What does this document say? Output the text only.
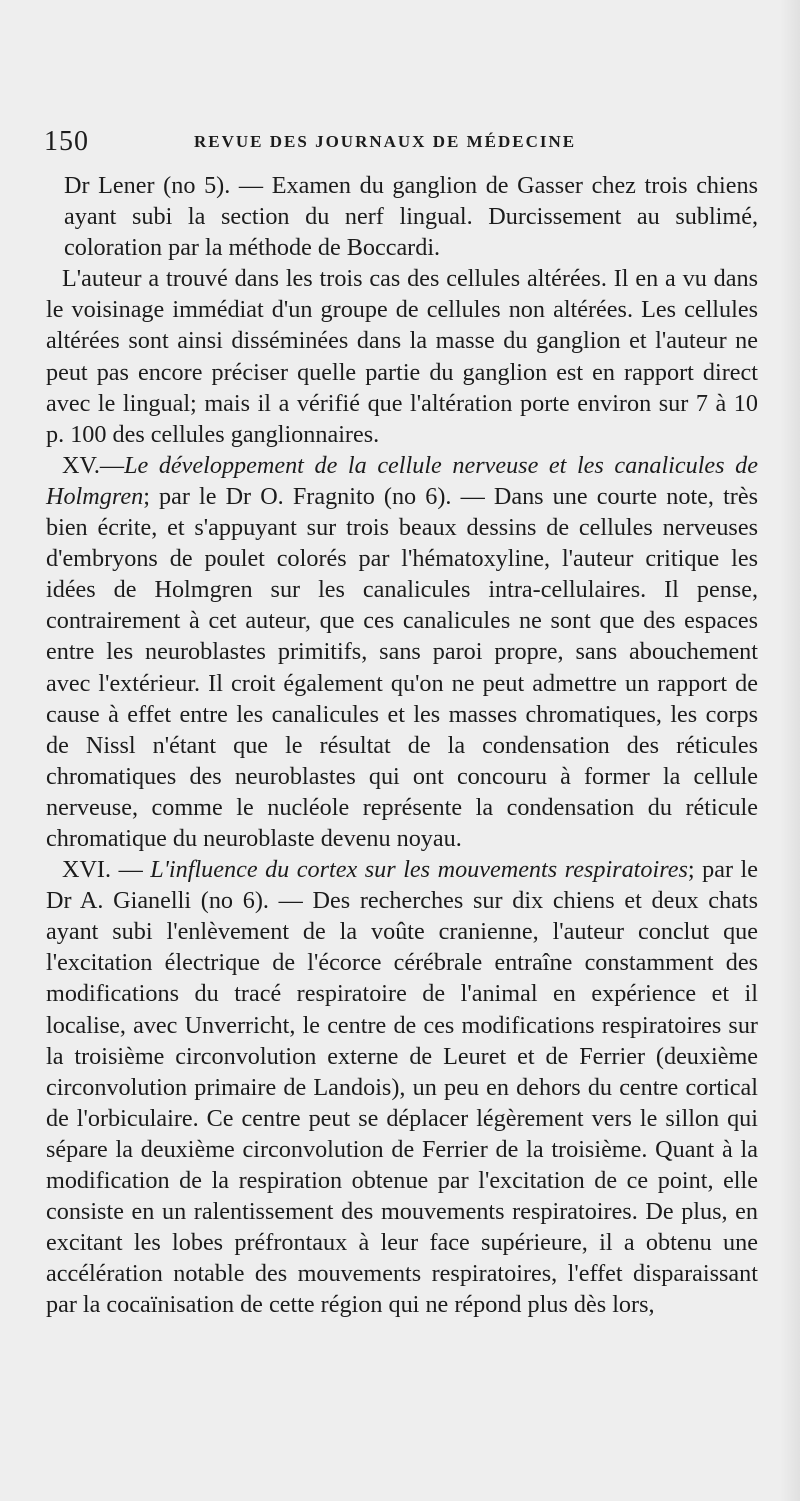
150	REVUE DES JOURNAUX DE MÉDECINE

Dr Lener (no 5). — Examen du ganglion de Gasser chez trois chiens ayant subi la section du nerf lingual. Durcissement au sublimé, coloration par la méthode de Boccardi.

L'auteur a trouvé dans les trois cas des cellules altérées. Il en a vu dans le voisinage immédiat d'un groupe de cellules non altérées. Les cellules altérées sont ainsi disséminées dans la masse du ganglion et l'auteur ne peut pas encore préciser quelle partie du ganglion est en rapport direct avec le lingual; mais il a vérifié que l'altération porte environ sur 7 à 10 p. 100 des cellules ganglionnaires.

XV.—Le développement de la cellule nerveuse et les canalicules de Holmgren; par le Dr O. Fragnito (no 6). — Dans une courte note, très bien écrite, et s'appuyant sur trois beaux dessins de cellules nerveuses d'embryons de poulet colorés par l'hématoxyline, l'auteur critique les idées de Holmgren sur les canalicules intra-cellulaires. Il pense, contrairement à cet auteur, que ces canalicules ne sont que des espaces entre les neuroblastes primitifs, sans paroi propre, sans abouchement avec l'extérieur. Il croit également qu'on ne peut admettre un rapport de cause à effet entre les canalicules et les masses chromatiques, les corps de Nissl n'étant que le résultat de la condensation des réticules chromatiques des neuroblastes qui ont concouru à former la cellule nerveuse, comme le nucléole représente la condensation du réticule chromatique du neuroblaste devenu noyau.

XVI. — L'influence du cortex sur les mouvements respiratoires; par le Dr A. Gianelli (no 6). — Des recherches sur dix chiens et deux chats ayant subi l'enlèvement de la voûte cranienne, l'auteur conclut que l'excitation électrique de l'écorce cérébrale entraîne constamment des modifications du tracé respiratoire de l'animal en expérience et il localise, avec Unverricht, le centre de ces modifications respiratoires sur la troisième circonvolution externe de Leuret et de Ferrier (deuxième circonvolution primaire de Landois), un peu en dehors du centre cortical de l'orbiculaire. Ce centre peut se déplacer légèrement vers le sillon qui sépare la deuxième circonvolution de Ferrier de la troisième. Quant à la modification de la respiration obtenue par l'excitation de ce point, elle consiste en un ralentissement des mouvements respiratoires. De plus, en excitant les lobes préfrontaux à leur face supérieure, il a obtenu une accélération notable des mouvements respiratoires, l'effet disparaissant par la cocaïnisation de cette région qui ne répond plus dès lors,
